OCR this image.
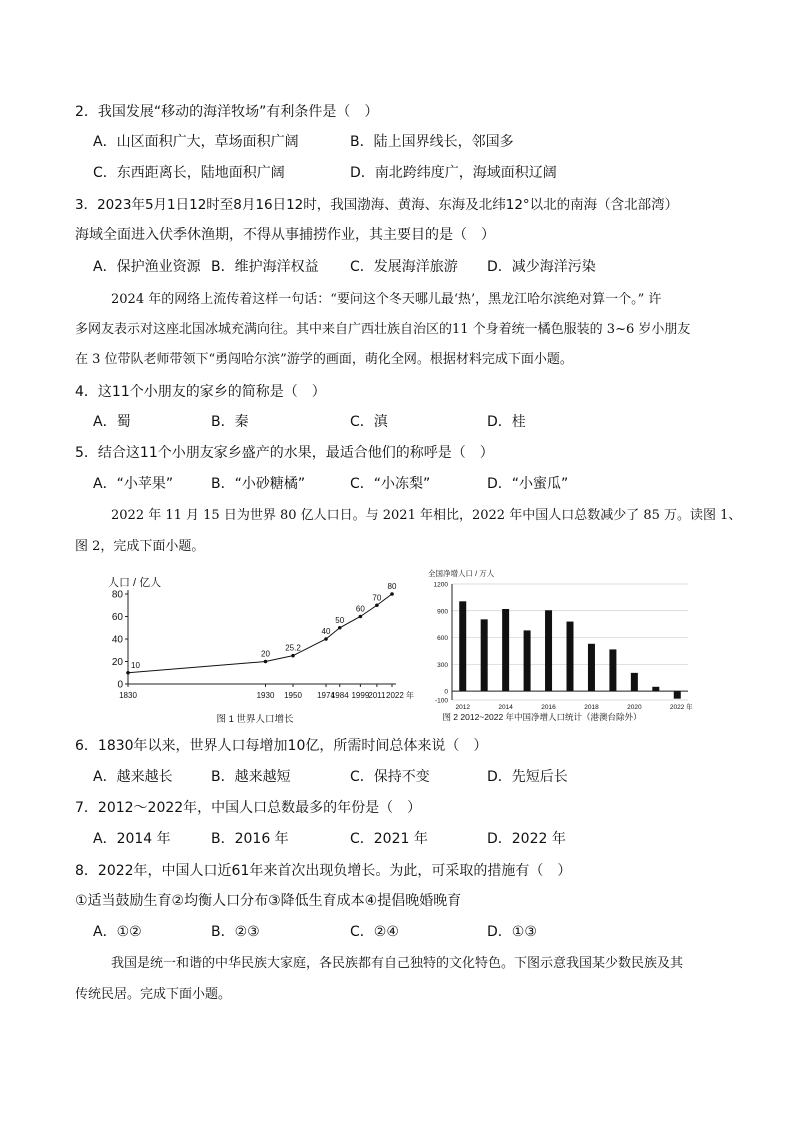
2．我国发展“移动的海洋牧场”有利条件是（　）
A．山区面积广大，草场面积广阔	B．陆上国界线长，邻国多
C．东西距离长，陆地面积广阔	D．南北跨纬度广，海域面积辽阔
3．2023年5月1日12时至8月16日12时，我国渤海、黄海、东海及北纬12°以北的南海（含北部湾）
海域全面进入伏季休渔期，不得从事捕捞作业，其主要目的是（　）
A．保护渔业资源 B．维护海洋权益 C．发展海洋旅游 D．减少海洋污染
2024 年的网络上流传着这样一句话：“要问这个冬天哪儿最‘热’，黑龙江哈尔滨绝对算一个。” 许
多网友表示对这座北国冰城充满向往。其中来自广西壮族自治区的11 个身着统一橘色服装的 3~6 岁小朋友
在 3 位带队老师带领下“勇闯哈尔滨”游学的画面，萌化全网。根据材料完成下面小题。
4．这11个小朋友的家乡的简称是（　）
A．蜀	B．秦	C．滇	D．桂
5．结合这11个小朋友家乡盛产的水果，最适合他们的称呼是（　）
A．“小苹果”	B．“小砂糖橘”	C．“小冻梨”	D．“小蜜瓜”
2022 年 11 月 15 日为世界 80 亿人口日。与 2021 年相比，2022 年中国人口总数减少了 85 万。读图 1、
图 2，完成下面小题。
人口 / 亿人
0
20
40
60
80
1830	1930 1950 1974
1984 1999 2011 2022 年
10
20
25.2
40
50
60
70
80
图 1 世界人口增长
全国净增人口 / 万人
1200
900
600
300
0
-100
2012	2014	2016	2018	2020	2022 年
图 2 2012~2022 年中国净增人口统计（港澳台除外）
6．1830年以来，世界人口每增加10亿，所需时间总体来说（　）
A．越来越长	B．越来越短	C．保持不变	D．先短后长
7．2012～2022年，中国人口总数最多的年份是（　）
A．2014 年	B．2016 年	C．2021 年	D．2022 年
8．2022年，中国人口近61年来首次出现负增长。为此，可采取的措施有（　）
①适当鼓励生育②均衡人口分布③降低生育成本④提倡晚婚晚育
A．①②	B．②③	C．②④	D．①③
我国是统一和谐的中华民族大家庭，各民族都有自己独特的文化特色。下图示意我国某少数民族及其
传统民居。完成下面小题。
